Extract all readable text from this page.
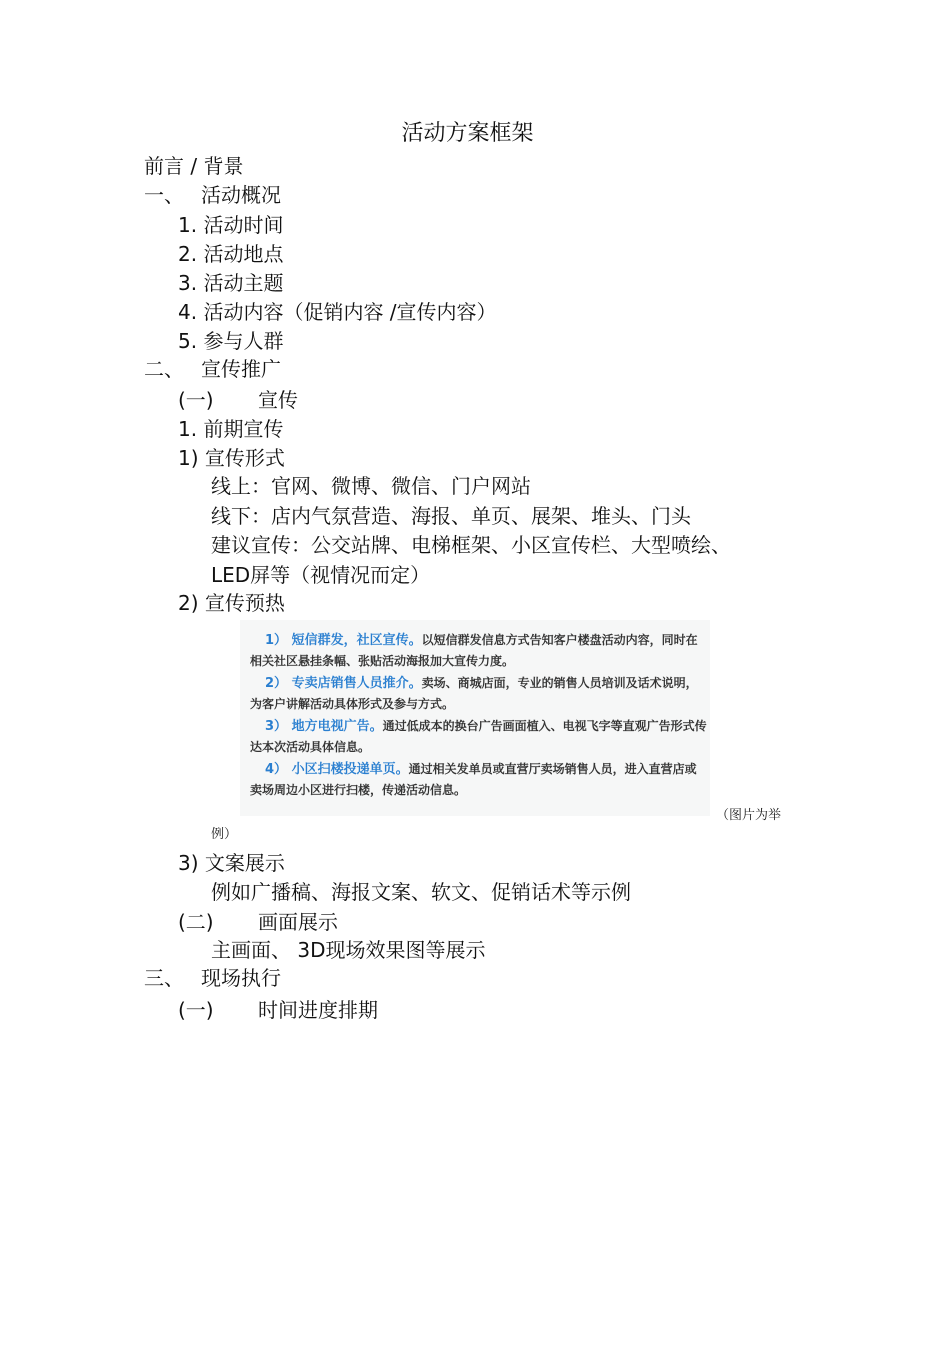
活动方案框架
前言 / 背景
一、 活动概况
1. 活动时间
2. 活动地点
3. 活动主题
4. 活动内容（促销内容 /宣传内容）
5. 参与人群
二、 宣传推广
(一) 宣传
1. 前期宣传
1) 宣传形式
线上：官网、微博、微信、门户网站
线下：店内气氛营造、海报、单页、展架、堆头、门头
建议宣传：公交站牌、电梯框架、小区宣传栏、大型喷绘、
LED屏等（视情况而定）
2) 宣传预热
1） 短信群发，社区宣传。以短信群发信息方式告知客户楼盘活动内容，同时在
相关社区悬挂条幅、张贴活动海报加大宣传力度。
2） 专卖店销售人员推介。卖场、商城店面，专业的销售人员培训及话术说明，
为客户讲解活动具体形式及参与方式。
3） 地方电视广告。通过低成本的换台广告画面植入、电视飞字等直观广告形式传
达本次活动具体信息。
4） 小区扫楼投递单页。通过相关发单员或直营厅卖场销售人员，进入直营店或
卖场周边小区进行扫楼，传递活动信息。
（图片为举
例）
3) 文案展示
例如广播稿、海报文案、软文、促销话术等示例
(二) 画面展示
主画面、 3D现场效果图等展示
三、 现场执行
(一) 时间进度排期
